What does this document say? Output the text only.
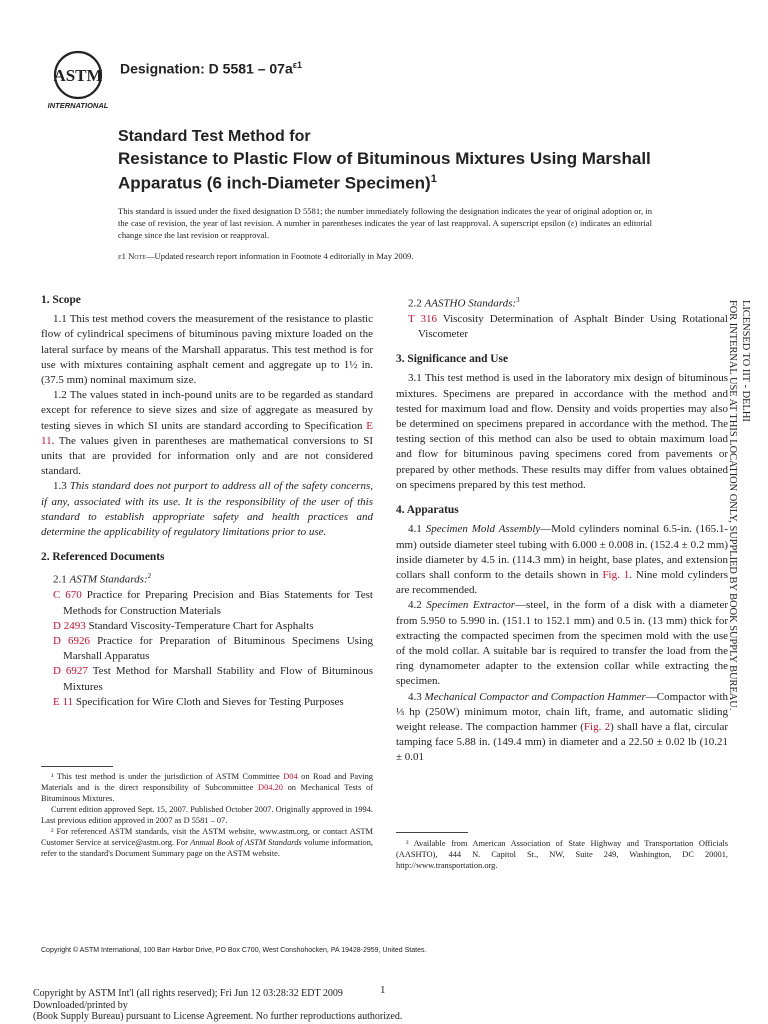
ASTM
INTERNATIONAL
Designation: D $5581 - 07a^{\varepsilon 1}$
Standard Test Method for
Resistance to Plastic Flow of Bituminous Mixtures Using Marshall Apparatus (6 inch-Diameter Specimen)$^1$
This standard is issued under the fixed designation D 5581; the number immediately following the designation indicates the year of original adoption or, in the case of revision, the year of last revision. A number in parentheses indicates the year of last reapproval. A superscript epsilon (ε) indicates an editorial change since the last revision or reapproval.
ε1 Note—Updated research report information in Footnote 4 editorially in May 2009.
1. Scope

1.1 This test method covers the measurement of the resistance to plastic flow of cylindrical specimens of bituminous paving mixture loaded on the lateral surface by means of the Marshall apparatus. This test method is for use with mixtures containing asphalt cement and aggregate up to 1½ in. (37.5 mm) nominal maximum size.

1.2 The values stated in inch-pound units are to be regarded as standard except for reference to sieve sizes and size of aggregate as measured by testing sieves in which SI units are standard according to Specification E 11. The values given in parentheses are mathematical conversions to SI units that are provided for information only and are not considered standard.

1.3 This standard does not purport to address all of the safety concerns, if any, associated with its use. It is the responsibility of the user of this standard to establish appropriate safety and health practices and determine the applicability of regulatory limitations prior to use.

2. Referenced Documents

2.1 ASTM Standards:$^2$

C 670 Practice for Preparing Precision and Bias Statements for Test Methods for Construction Materials

D 2493 Standard Viscosity-Temperature Chart for Asphalts

D 6926 Practice for Preparation of Bituminous Specimens Using Marshall Apparatus

D 6927 Test Method for Marshall Stability and Flow of Bituminous Mixtures

E 11 Specification for Wire Cloth and Sieves for Testing Purposes

¹ This test method is under the jurisdiction of ASTM Committee D04 on Road and Paving Materials and is the direct responsibility of Subcommittee D04.20 on Mechanical Tests of Bituminous Mixtures.

Current edition approved Sept. 15, 2007. Published October 2007. Originally approved in 1994. Last previous edition approved in 2007 as D 5581 – 07.

² For referenced ASTM standards, visit the ASTM website, www.astm.org, or contact ASTM Customer Service at service@astm.org. For Annual Book of ASTM Standards volume information, refer to the standard's Document Summary page on the ASTM website.

2.2 AASTHO Standards:$^3$

T 316 Viscosity Determination of Asphalt Binder Using Rotational Viscometer

3. Significance and Use

3.1 This test method is used in the laboratory mix design of bituminous mixtures. Specimens are prepared in accordance with the method and tested for maximum load and flow. Density and voids properties may also be determined on specimens prepared in accordance with the method. The testing section of this method can also be used to obtain maximum load and flow for bituminous paving specimens cored from pavements or prepared by other methods. These results may differ from values obtained on specimens prepared by this test method.

4. Apparatus

4.1 Specimen Mold Assembly—Mold cylinders nominal 6.5-in. (165.1-mm) outside diameter steel tubing with 6.000 ± 0.008 in. (152.4 ± 0.2 mm) inside diameter by 4.5 in. (114.3 mm) in height, base plates, and extension collars shall conform to the details shown in Fig. 1. Nine mold cylinders are recommended.

4.2 Specimen Extractor—steel, in the form of a disk with a diameter from 5.950 to 5.990 in. (151.1 to 152.1 mm) and 0.5 in. (13 mm) thick for extracting the compacted specimen from the specimen mold with the use of the mold collar. A suitable bar is required to transfer the load from the ring dynamometer adapter to the extension collar while extracting the specimen.

4.3 Mechanical Compactor and Compaction Hammer—Compactor with ⅓ hp (250W) minimum motor, chain lift, frame, and automatic sliding weight release. The compaction hammer (Fig. 2) shall have a flat, circular tamping face 5.88 in. (149.4 mm) in diameter and a 22.50 ± 0.02 lb (10.21 ± 0.01

³ Available from American Association of State Highway and Transportation Officials (AASHTO), 444 N. Capitol St., NW, Suite 249, Washington, DC 20001, http://www.transportation.org.

LICENSED TO IIT - DELHI
FOR INTERNAL USE AT THIS LOCATION ONLY, SUPPLIED BY BOOK SUPPLY BUREAU.
Copyright © ASTM International, 100 Barr Harbor Drive, PO Box C700, West Conshohocken, PA 19428-2959, United States.
1
Copyright by ASTM Int'l (all rights reserved); Fri Jun 12 03:28:32 EDT 2009
Downloaded/printed by
(Book Supply Bureau) pursuant to License Agreement. No further reproductions authorized.
